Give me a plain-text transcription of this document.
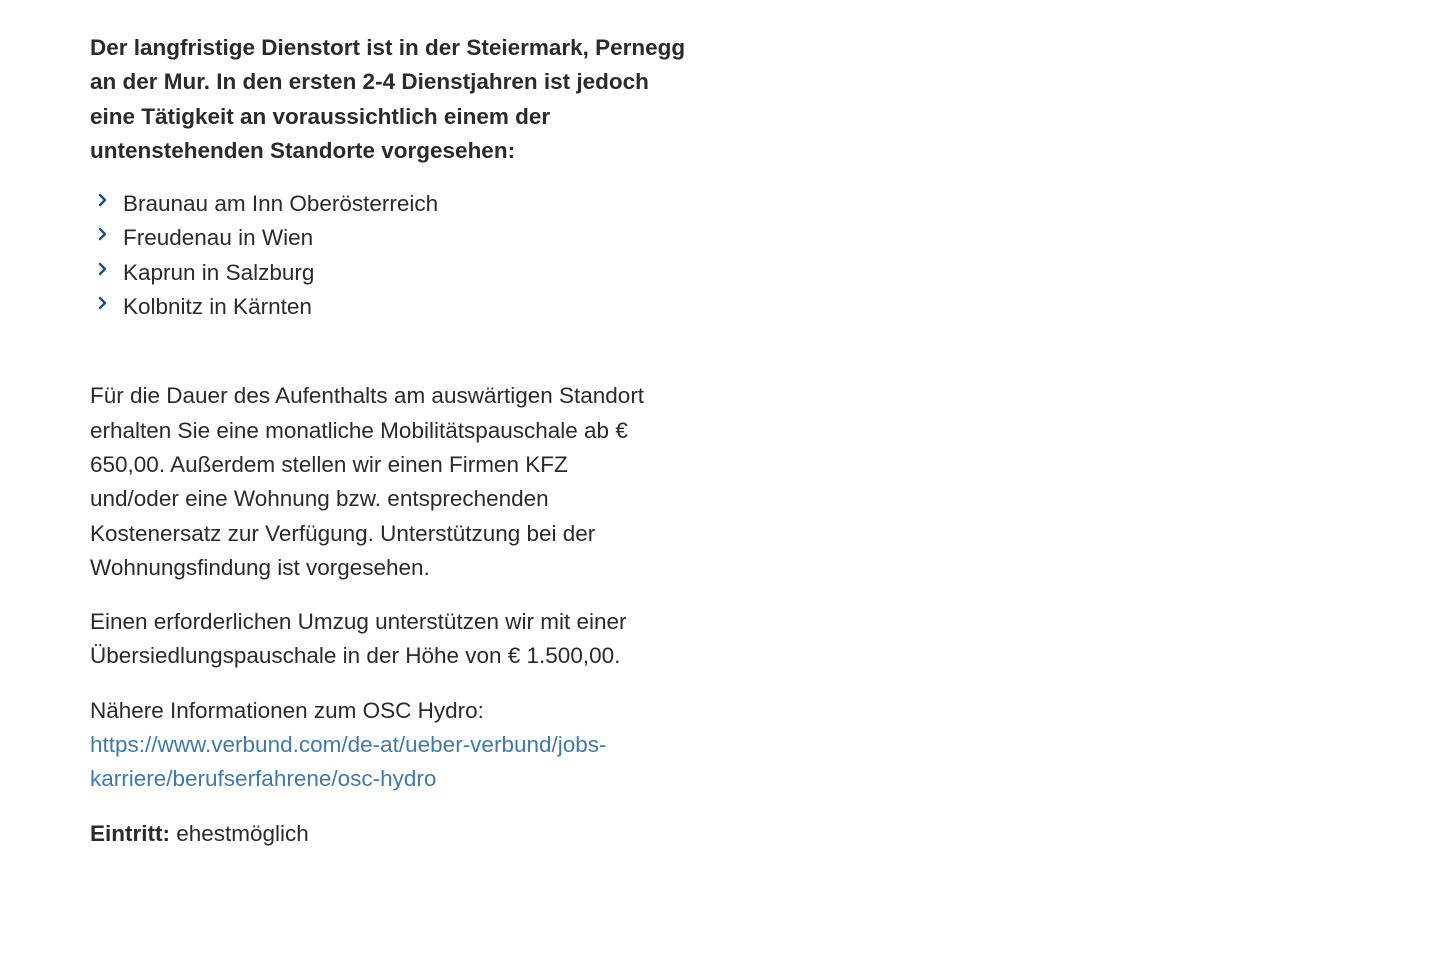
Der langfristige Dienstort ist in der Steiermark, Pernegg an der Mur. In den ersten 2-4 Dienstjahren ist jedoch eine Tätigkeit an voraussichtlich einem der untenstehenden Standorte vorgesehen:

Braunau am Inn Oberösterreich
Freudenau in Wien
Kaprun in Salzburg
Kolbnitz in Kärnten

Für die Dauer des Aufenthalts am auswärtigen Standort erhalten Sie eine monatliche Mobilitätspauschale ab € 650,00. Außerdem stellen wir einen Firmen KFZ und/oder eine Wohnung bzw. entsprechenden Kostenersatz zur Verfügung. Unterstützung bei der Wohnungsfindung ist vorgesehen.

Einen erforderlichen Umzug unterstützen wir mit einer Übersiedlungspauschale in der Höhe von € 1.500,00.

Nähere Informationen zum OSC Hydro: https://www.verbund.com/de-at/ueber-verbund/jobs-karriere/berufserfahrene/osc-hydro

Eintritt: ehestmöglich
